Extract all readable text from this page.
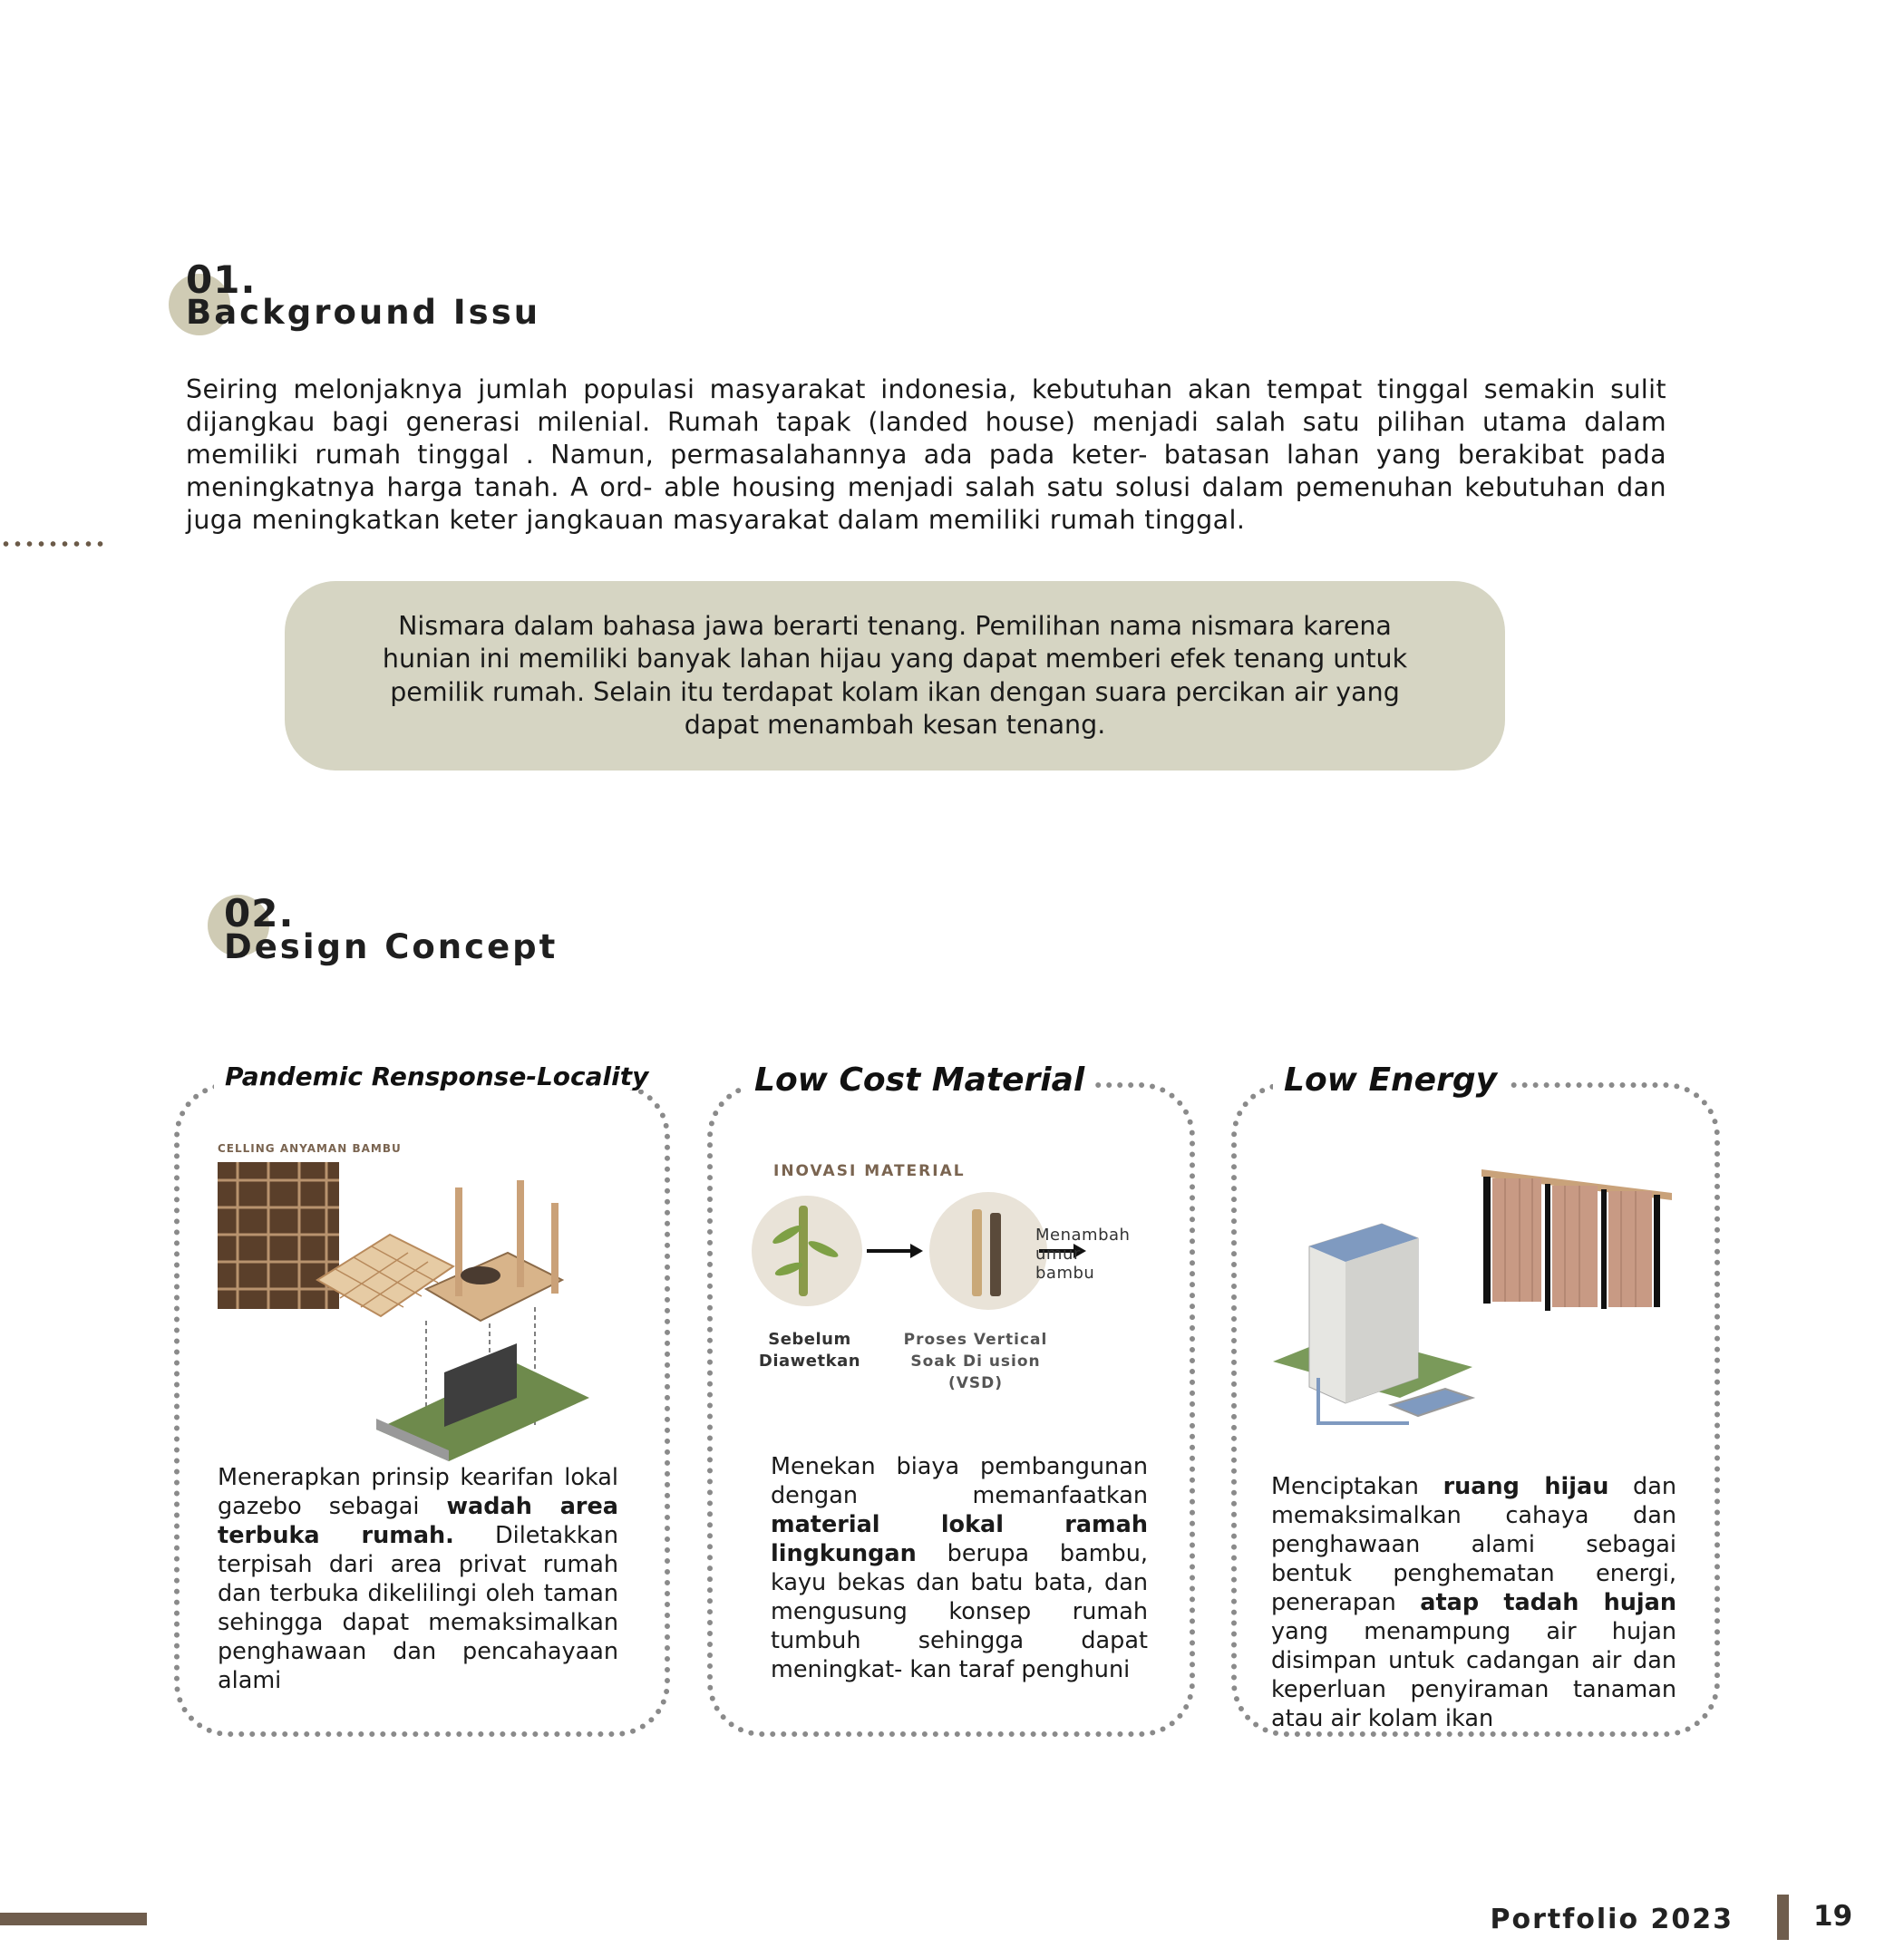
01.
Background Issu
Seiring melonjaknya jumlah populasi masyarakat indonesia, kebutuhan akan tempat tinggal semakin sulit dijangkau bagi generasi milenial. Rumah tapak (landed house) menjadi salah satu pilihan utama dalam memiliki rumah tinggal . Namun, permasalahannya ada pada keter- batasan lahan yang berakibat pada meningkatnya harga tanah. A ord- able housing menjadi salah satu solusi dalam pemenuhan kebutuhan dan juga meningkatkan keter jangkauan masyarakat dalam memiliki rumah tinggal.

Nismara dalam bahasa jawa berarti tenang. Pemilihan nama nismara karena hunian ini memiliki banyak lahan hijau yang dapat memberi efek tenang untuk pemilik rumah. Selain itu terdapat kolam ikan dengan suara percikan air yang dapat menambah kesan tenang.

02.
Design Concept
Pandemic Rensponse-Locality
CELLING ANYAMAN BAMBU

Menerapkan prinsip kearifan lokal gazebo sebagai wadah area terbuka rumah. Diletakkan terpisah dari area privat rumah dan terbuka dikelilingi oleh taman sehingga dapat memaksimalkan penghawaan dan pencahayaan alami

Low Cost Material
INOVASI MATERIAL
Menambah
umur
bambu
Sebelum
Diawetkan
Proses Vertical
Soak Di usion
(VSD)

Menekan biaya pembangunan dengan memanfaatkan material lokal ramah lingkungan berupa bambu, kayu bekas dan batu bata, dan mengusung konsep rumah tumbuh sehingga dapat meningkat- kan taraf penghuni

Low Energy

Menciptakan ruang hijau dan memaksimalkan cahaya dan penghawaan alami sebagai bentuk penghematan energi, penerapan atap tadah hujan yang menampung air hujan disimpan untuk cadangan air dan keperluan penyiraman tanaman atau air kolam ikan

Portfolio 2023	19
